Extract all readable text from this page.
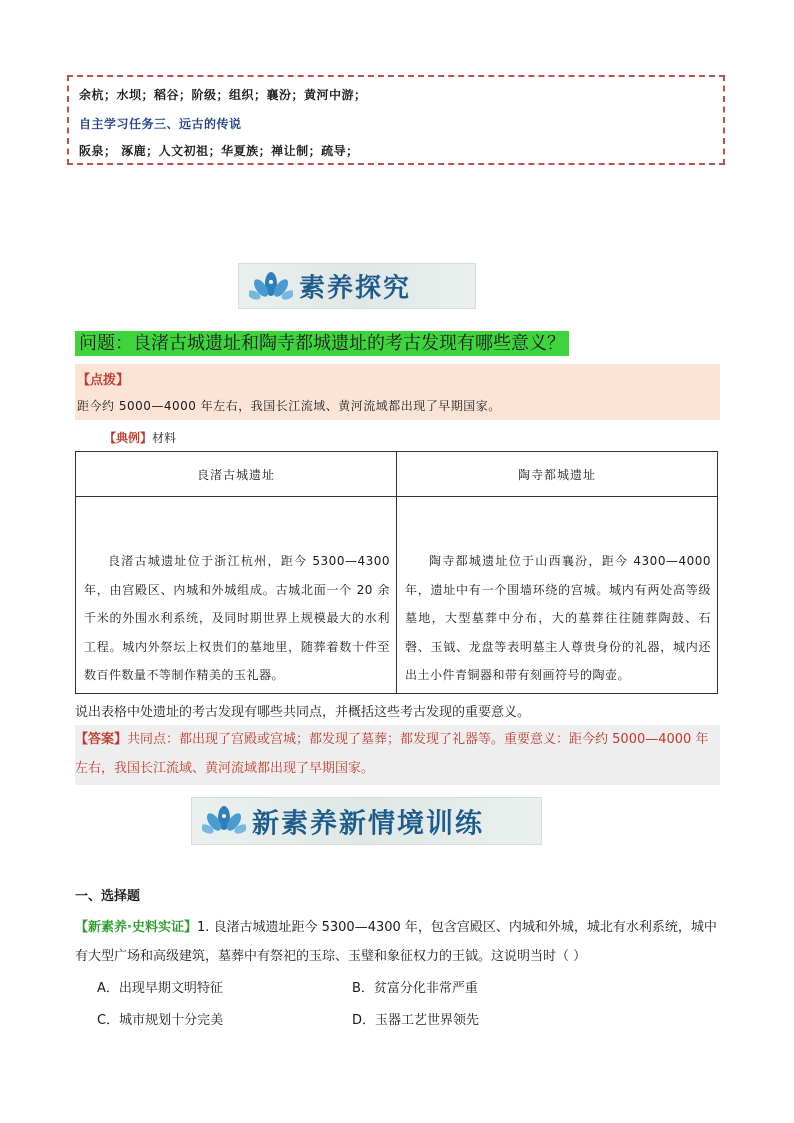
余杭；水坝；稻谷；阶级；组织；襄汾；黄河中游；
自主学习任务三、远古的传说
阪泉； 涿鹿；人文初祖；华夏族；禅让制；疏导；
素养探究
问题：良渚古城遗址和陶寺都城遗址的考古发现有哪些意义？
【点拨】
距今约 5000—4000 年左右，我国长江流域、黄河流域都出现了早期国家。
【典例】材料
良渚古城遗址	陶寺都城遗址

良渚古城遗址位于浙江杭州，距今 5300—4300 年，由宫殿区、内城和外城组成。古城北面一个 20 余千米的外围水利系统，及同时期世界上规模最大的水利工程。城内外祭坛上权贵们的墓地里，随葬着数十件至数百件数量不等制作精美的玉礼器。	陶寺都城遗址位于山西襄汾，距今 4300—4000 年，遗址中有一个围墙环绕的宫城。城内有两处高等级墓地，大型墓葬中分布，大的墓葬往往随葬陶鼓、石磬、玉钺、龙盘等表明墓主人尊贵身份的礼器，城内还出土小件青铜器和带有刻画符号的陶壶。

说出表格中处遗址的考古发现有哪些共同点，并概括这些考古发现的重要意义。
【答案】共同点：都出现了宫殿或宫城；都发现了墓葬；都发现了礼器等。重要意义：距今约 5000—4000 年左右，我国长江流域、黄河流域都出现了早期国家。
新素养新情境训练
一、选择题
【新素养·史料实证】1. 良渚古城遗址距今 5300—4300 年，包含宫殿区、内城和外城，城北有水利系统，城中有大型广场和高级建筑，墓葬中有祭祀的玉琮、玉璧和象征权力的王钺。这说明当时（ ）
A．出现早期文明特征	B．贫富分化非常严重
C．城市规划十分完美	D．玉器工艺世界领先
